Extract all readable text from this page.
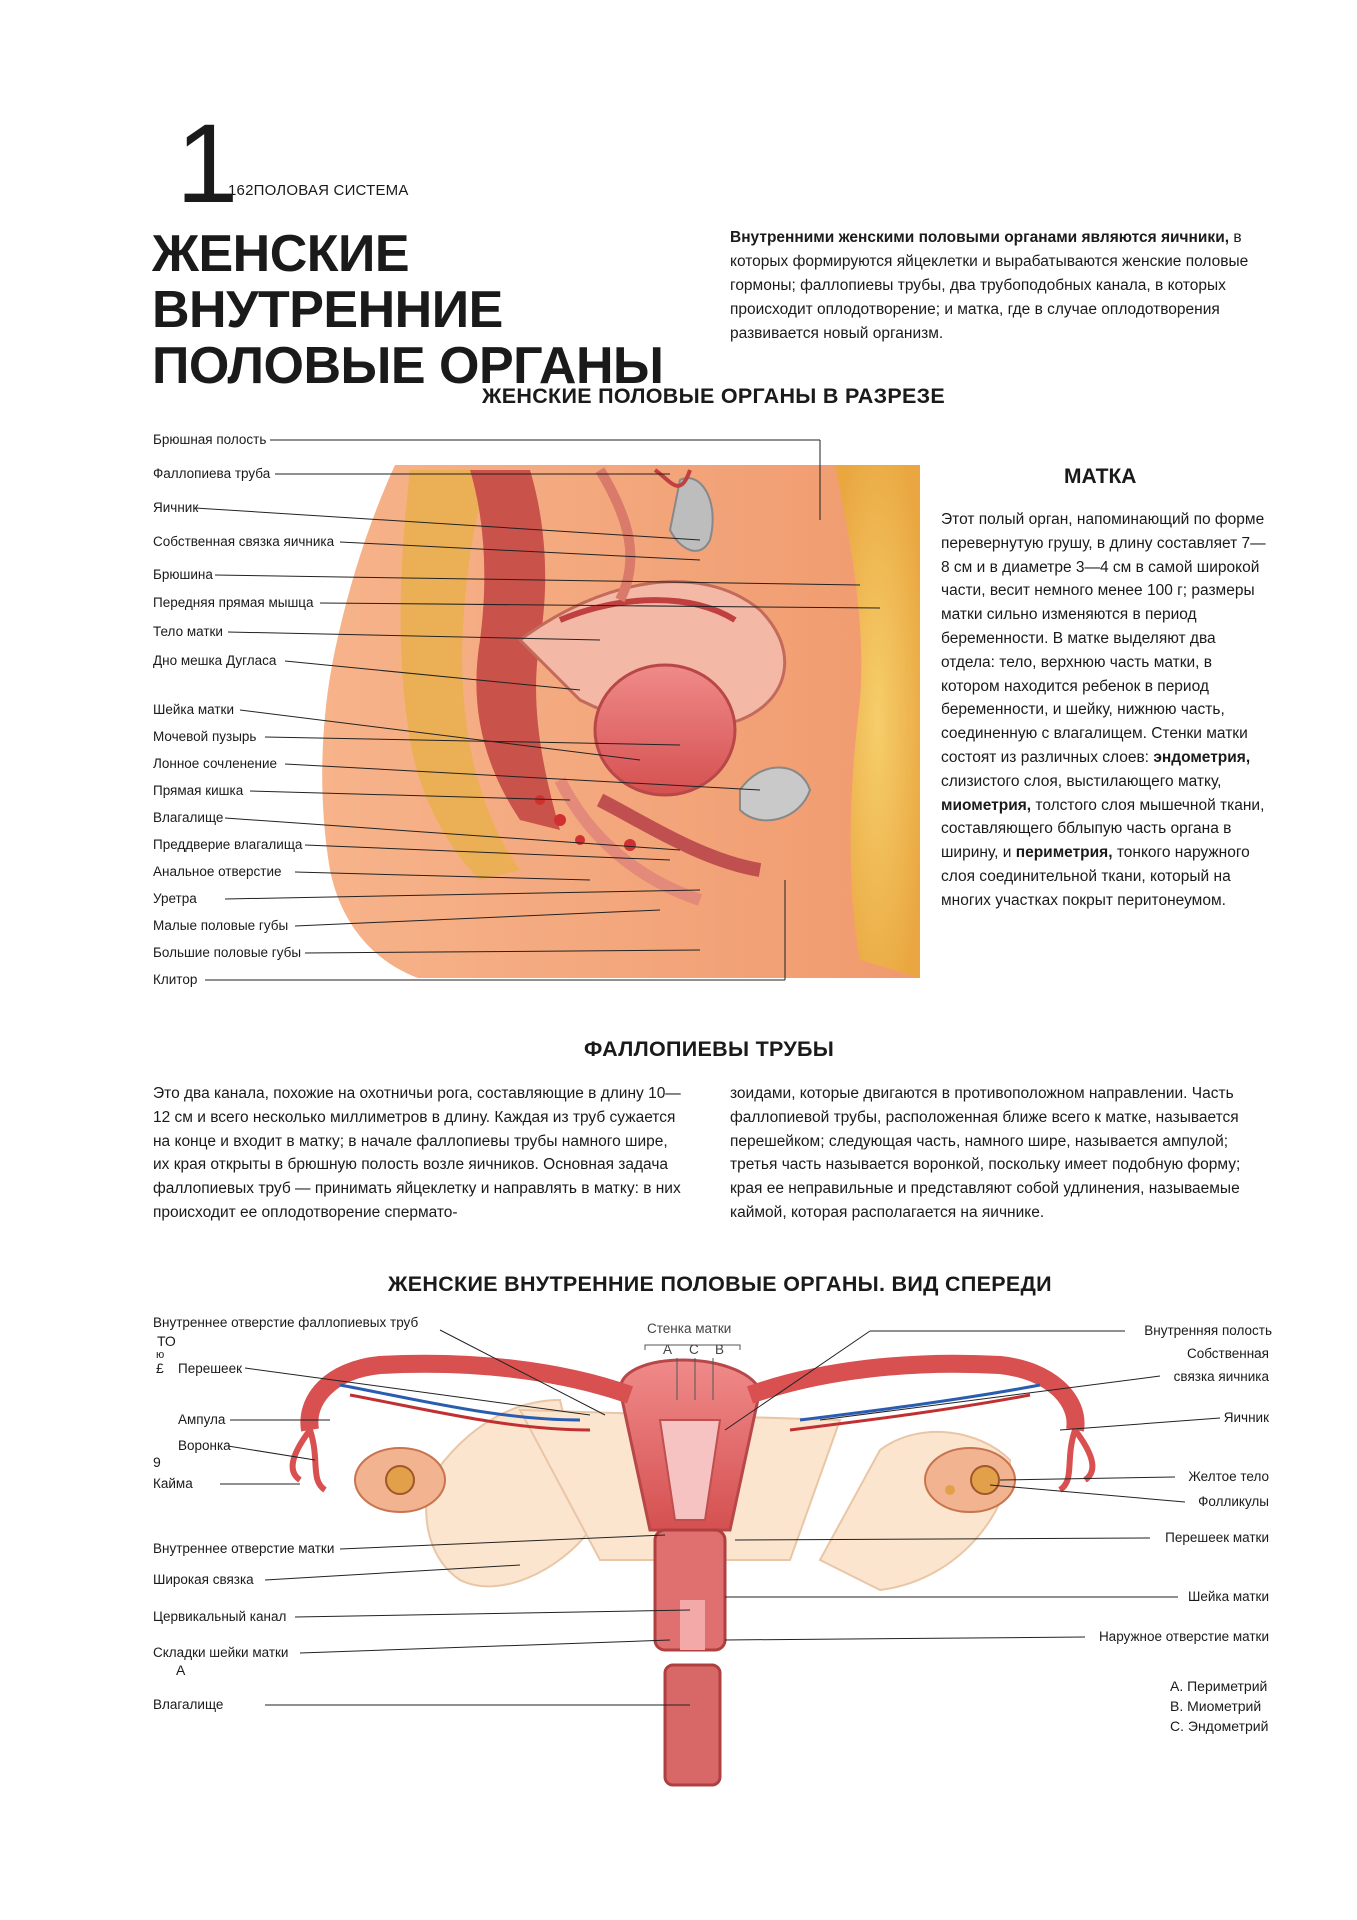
1
162ПОЛОВАЯ СИСТЕМА
ЖЕНСКИЕ ВНУТРЕННИЕ
ПОЛОВЫЕ ОРГАНЫ
Внутренними женскими половыми органами являются яичники, в которых формируются яйцеклетки и вырабатываются женские половые гормоны; фаллопиевы трубы, два трубоподобных канала, в которых происходит оплодотворение; и матка, где в случае оплодотворения развивается новый организм.
ЖЕНСКИЕ ПОЛОВЫЕ ОРГАНЫ В РАЗРЕЗЕ
Брюшная полость
Фаллопиева труба
Яичник
Собственная связка яичника
Брюшина
Передняя прямая мышца
Тело матки
Дно мешка Дугласа
Шейка матки
Мочевой пузырь
Лонное сочленение
Прямая кишка
Влагалище
Преддверие влагалища
Анальное отверстие
Уретра
Малые половые губы
Большие половые губы
Клитор
МАТКА
Этот полый орган, напоминающий по форме перевернутую грушу, в длину составляет 7—8 см и в диаметре 3—4 см в самой широкой части, весит немного менее 100 г; размеры матки сильно изменяются в период беременности. В матке выделяют два отдела: тело, верхнюю часть матки, в котором находится ребенок в период беременности, и шейку, нижнюю часть, соединенную с влагалищем. Стенки матки состоят из различных слоев: эндометрия, слизистого слоя, выстилающего матку, миометрия, толстого слоя мышечной ткани, составляющего бблыпую часть органа в ширину, и периметрия, тонкого наружного слоя соединительной ткани, который на многих участках покрыт перитонеумом.
ФАЛЛОПИЕВЫ ТРУБЫ
Это два канала, похожие на охотничьи рога, составляющие в длину 10—12 см и всего несколько миллиметров в длину. Каждая из труб сужается на конце и входит в матку; в начале фаллопиевы трубы намного шире, их края открыты в брюшную полость возле яичников. Основная задача фаллопиевых труб — принимать яйцеклетку и направлять в матку: в них происходит ее оплодотворение спермато-
зоидами, которые двигаются в противоположном направлении. Часть фаллопиевой трубы, расположенная ближе всего к матке, называется перешейком; следующая часть, намного шире, называется ампулой; третья часть называется воронкой, поскольку имеет подобную форму; края ее неправильные и представляют собой удлинения, называемые каймой, которая располагается на яичнике.
ЖЕНСКИЕ ВНУТРЕННИЕ ПОЛОВЫЕ ОРГАНЫ. ВИД СПЕРЕДИ
Стенка матки
A C B
Внутреннее отверстие фаллопиевых труб
ТО
ю
£ Перешеек
Ампула
Воронка
9
Кайма
Внутреннее отверстие матки
Широкая связка
Цервикальный канал
Складки шейки матки
А
Влагалище
Внутренняя полость
Собственная
связка яичника
Яичник
Желтое тело
Фолликулы
Перешеек матки
Шейка матки
Наружное отверстие матки
А. Периметрий
В. Миометрий
С. Эндометрий
